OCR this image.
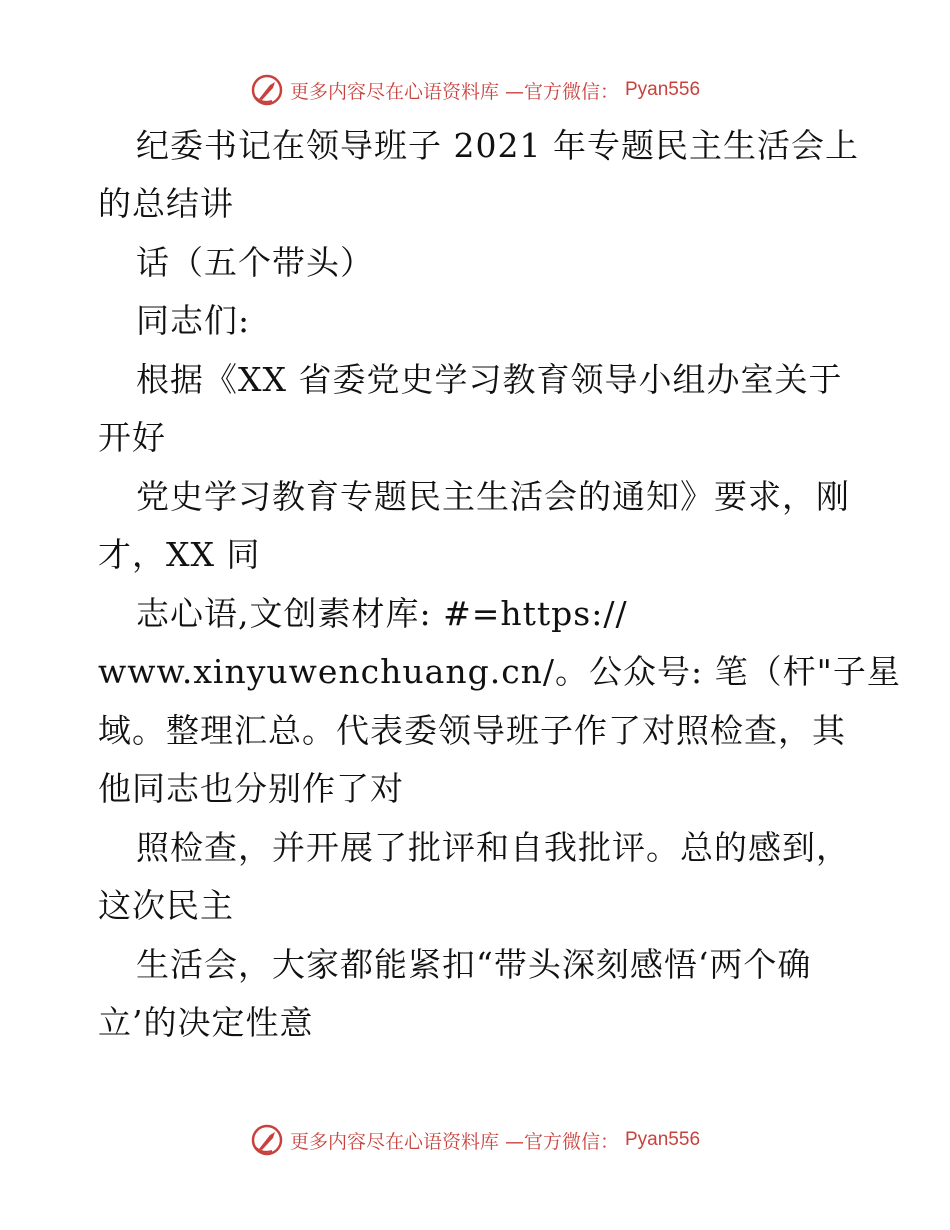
更多内容尽在心语资料库 —官方微信： Pyan556
纪委书记在领导班子 2021 年专题民主生活会上
的总结讲
话（五个带头）
同志们:
根据《XX 省委党史学习教育领导小组办室关于
开好
党史学习教育专题民主生活会的通知》要求，刚
才，XX 同
志心语,文创素材库: #=https://
www.xinyuwenchuang.cn/。公众号: 笔（杆"子星
域。整理汇总。代表委领导班子作了对照检查，其
他同志也分别作了对
照检查，并开展了批评和自我批评。总的感到，
这次民主
生活会，大家都能紧扣“带头深刻感悟‘两个确
立’的决定性意
更多内容尽在心语资料库 —官方微信： Pyan556
